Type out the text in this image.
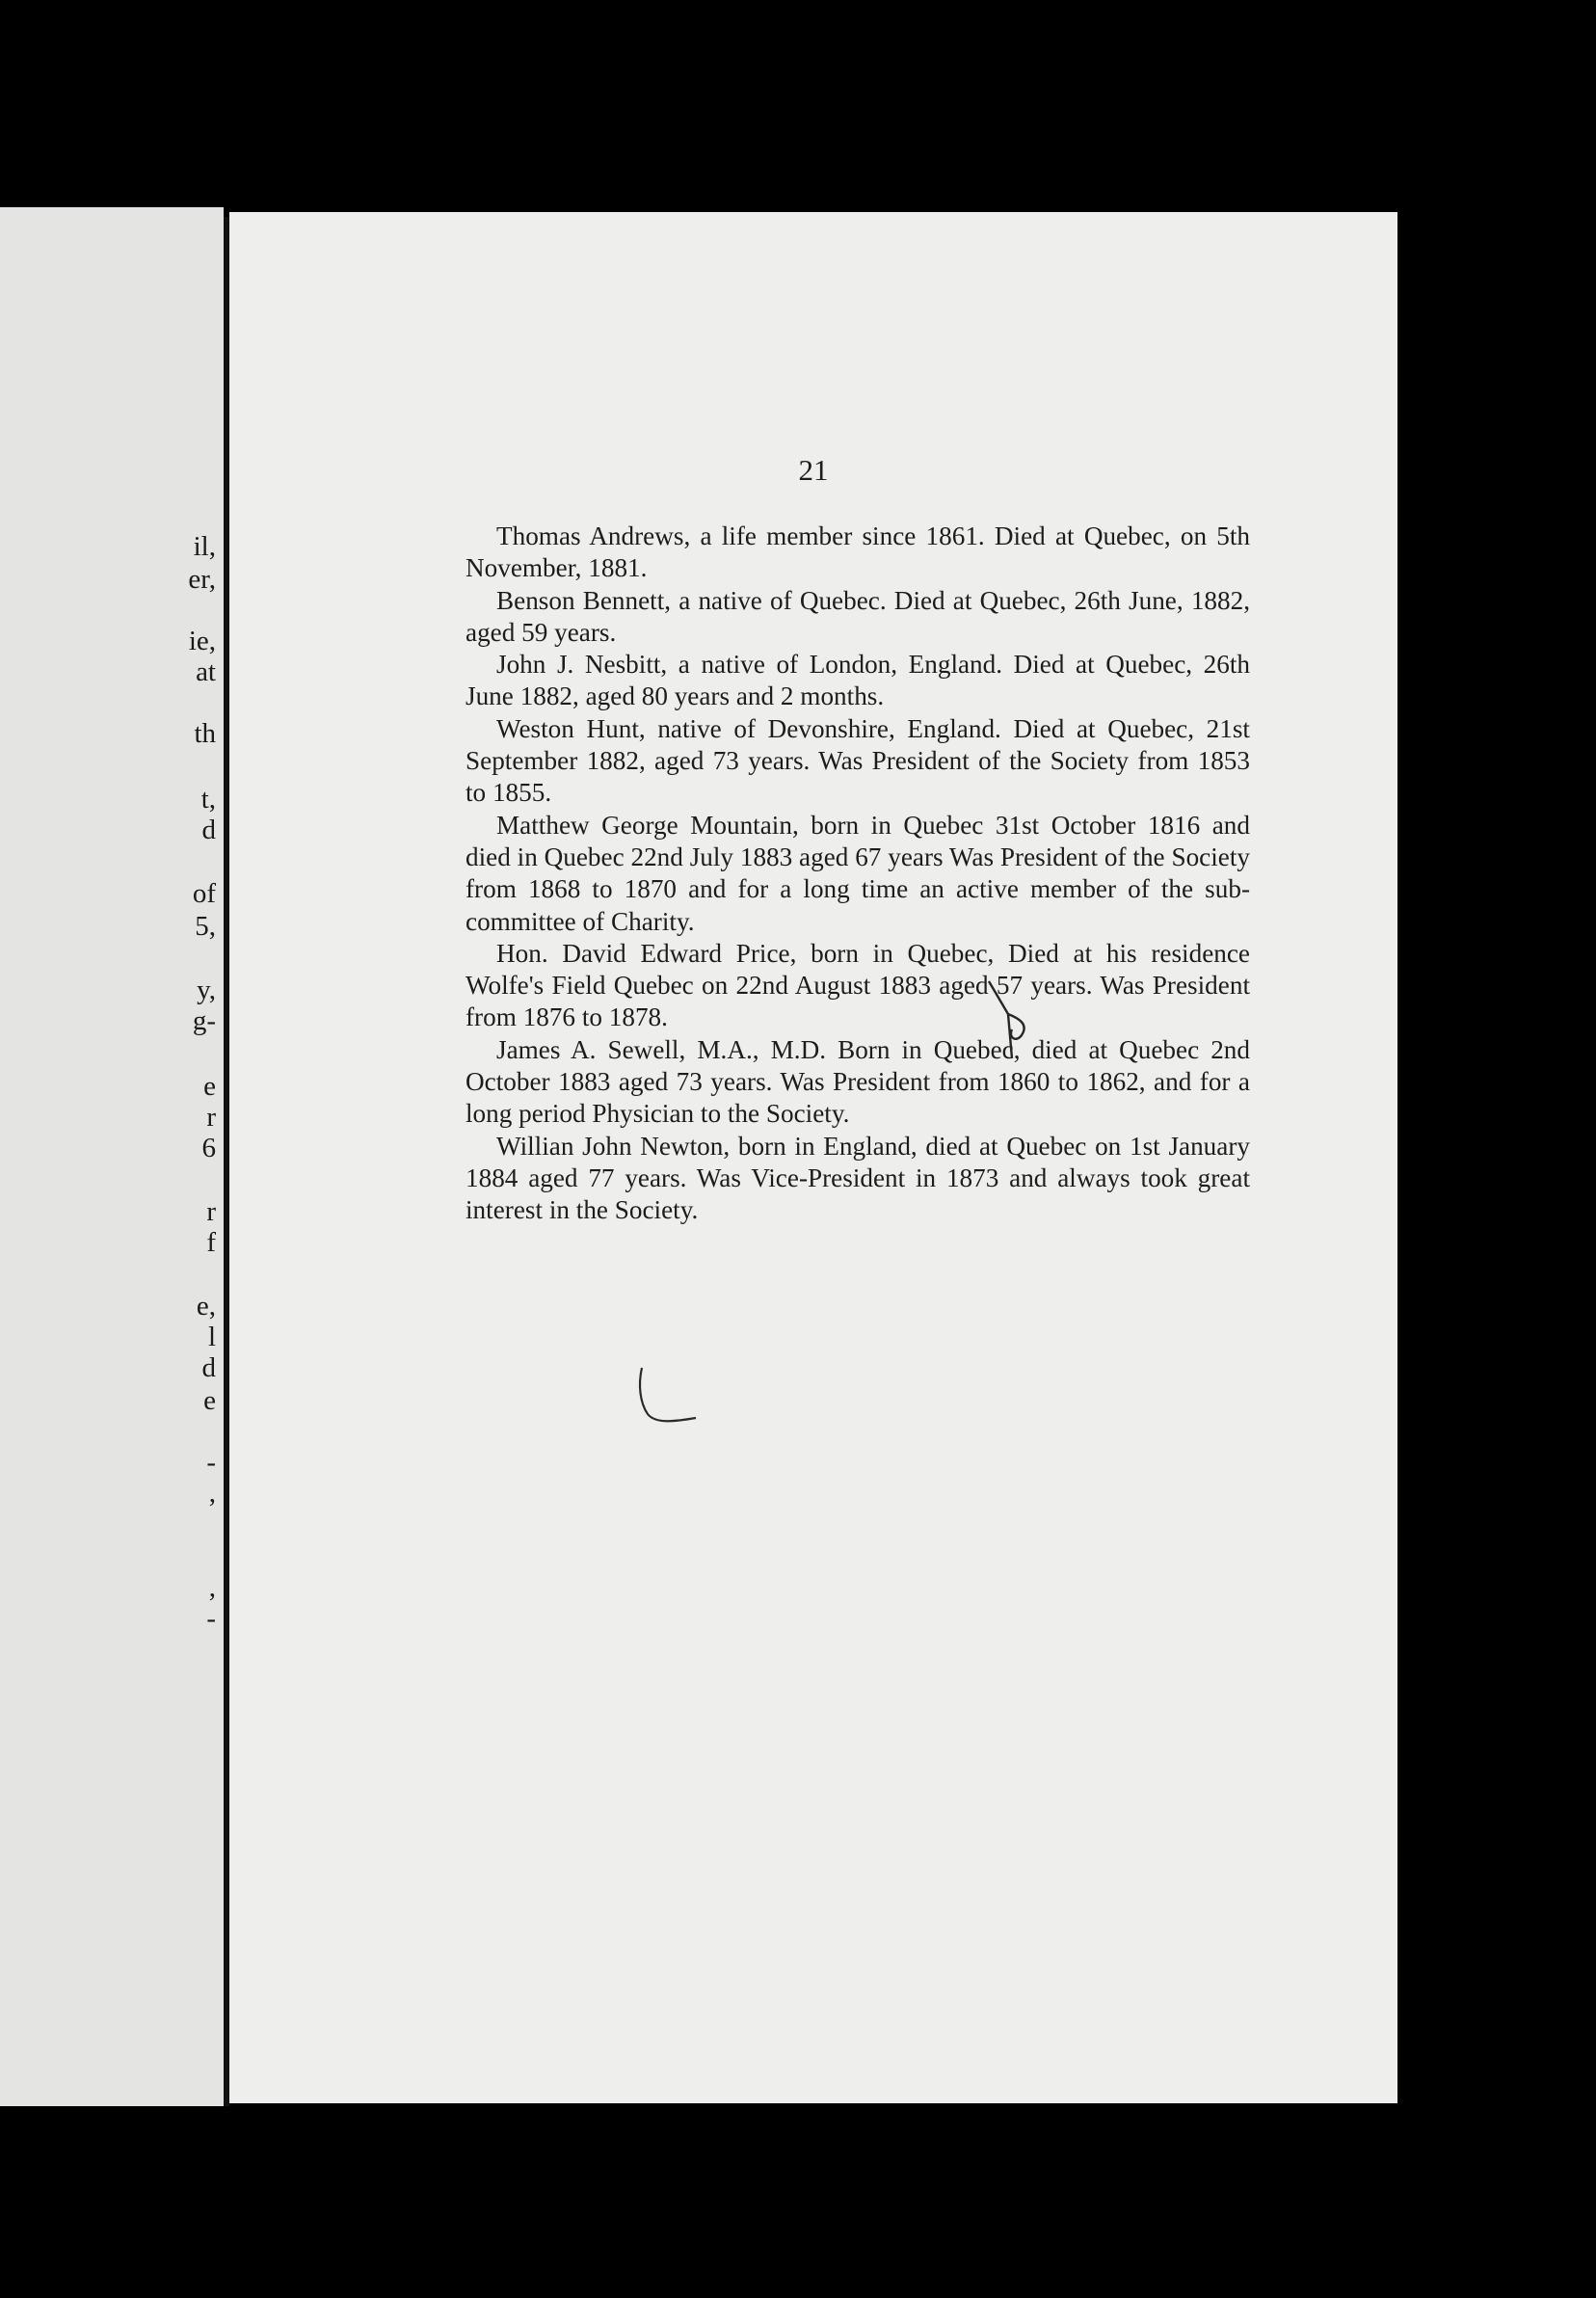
il,
er,
ie,
at
th
t,
d
of
5,
y,
g-
e
r
6
r
f
e,
l
d
e
-
,
,
-
21

Thomas Andrews, a life member since 1861. Died at Quebec, on 5th November, 1881.

Benson Bennett, a native of Quebec. Died at Quebec, 26th June, 1882, aged 59 years.

John J. Nesbitt, a native of London, England. Died at Quebec, 26th June 1882, aged 80 years and 2 months.

Weston Hunt, native of Devonshire, England. Died at Quebec, 21st September 1882, aged 73 years. Was President of the Society from 1853 to 1855.

Matthew George Mountain, born in Quebec 31st October 1816 and died in Quebec 22nd July 1883 aged 67 years Was President of the Society from 1868 to 1870 and for a long time an active member of the sub-committee of Charity.

Hon. David Edward Price, born in Quebec, Died at his residence Wolfe's Field Quebec on 22nd August 1883 aged 57 years. Was President from 1876 to 1878.

James A. Sewell, M.A., M.D. Born in Quebec, died at Quebec 2nd October 1883 aged 73 years. Was President from 1860 to 1862, and for a long period Physician to the Society.

Willian John Newton, born in England, died at Quebec on 1st January 1884 aged 77 years. Was Vice-President in 1873 and always took great interest in the Society.
